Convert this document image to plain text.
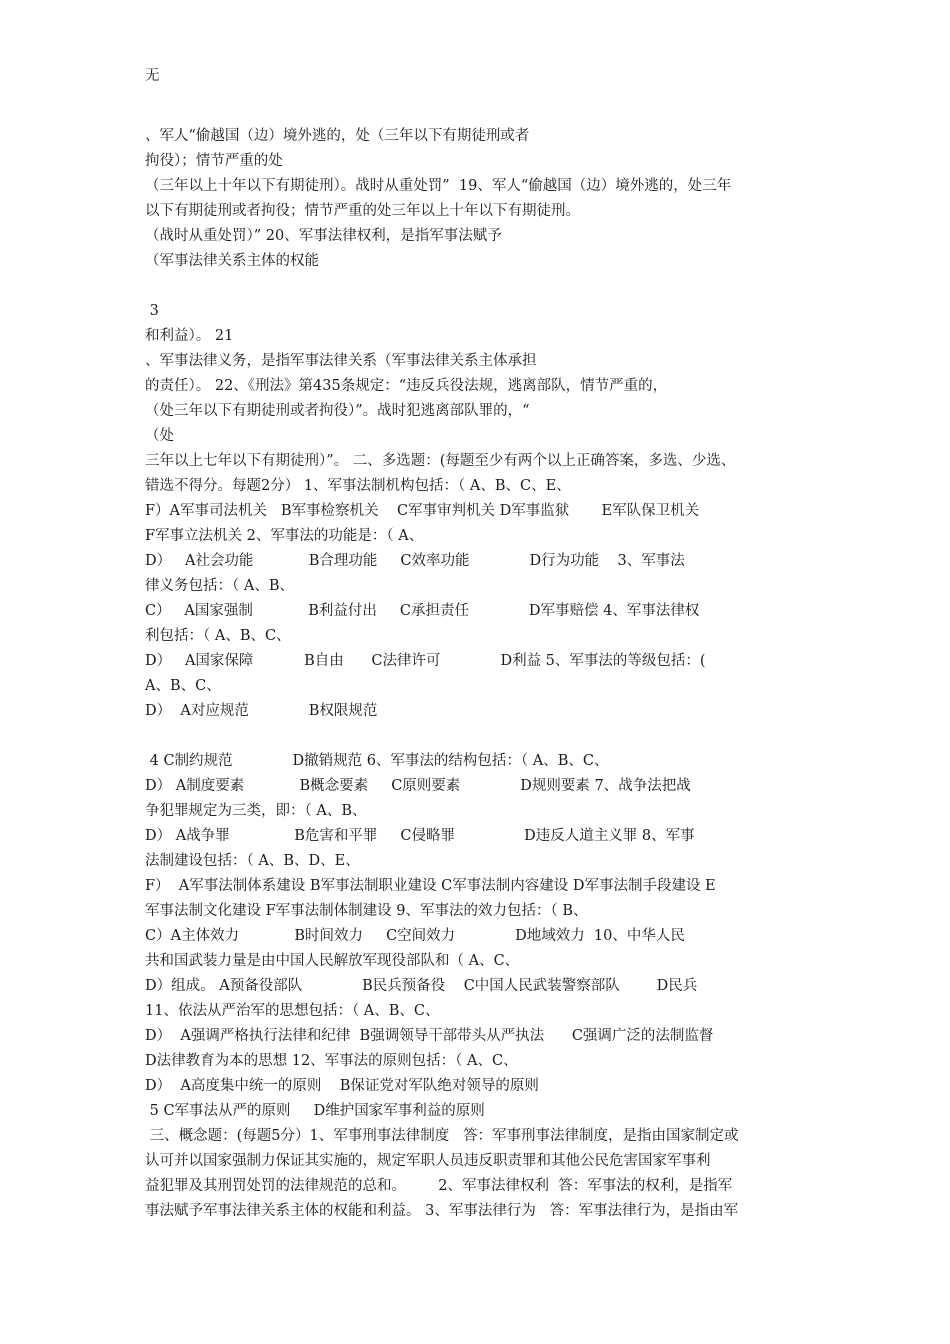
无

、军人“偷越国（边）境外逃的，处（三年以下有期徒刑或者

拘役）；情节严重的处

（三年以上十年以下有期徒刑）。战时从重处罚”  19、军人“偷越国（边）境外逃的，处三年

以下有期徒刑或者拘役；情节严重的处三年以上十年以下有期徒刑。

（战时从重处罚）” 20、军事法律权利，是指军事法赋予

（军事法律关系主体的权能

3

和利益）。 21

、军事法律义务，是指军事法律关系（军事法律关系主体承担

的责任）。 22、《刑法》第435条规定：“违反兵役法规，逃离部队，情节严重的，

（处三年以下有期徒刑或者拘役）”。战时犯逃离部队罪的，“

（处

三年以上七年以下有期徒刑）”。 二、多选题：(每题至少有两个以上正确答案，多选、少选、

错选不得分。每题2分） 1、军事法制机构包括：（ A、B、C、E、

F）A军事司法机关   B军事检察机关    C军事审判机关 D军事监狱       E军队保卫机关

F军事立法机关 2、军事法的功能是：（ A、

D）   A社会功能            B合理功能     C效率功能             D行为功能    3、军事法

律义务包括：（ A、B、

C）   A国家强制            B利益付出     C承担责任             D军事赔偿 4、军事法律权

利包括：（ A、B、C、

D）   A国家保障           B自由      C法律许可             D利益 5、军事法的等级包括：(

A、B、C、

D）  A对应规范             B权限规范

4 C制约规范             D撤销规范 6、军事法的结构包括：（ A、B、C、

D） A制度要素            B概念要素     C原则要素             D规则要素 7、战争法把战

争犯罪规定为三类，即：（ A、B、

D） A战争罪              B危害和平罪     C侵略罪               D违反人道主义罪 8、军事

法制建设包括：（ A、B、D、E、

F）  A军事法制体系建设 B军事法制职业建设 C军事法制内容建设 D军事法制手段建设 E

军事法制文化建设 F军事法制体制建设 9、军事法的效力包括：（ B、

C）A主体效力            B时间效力     C空间效力             D地域效力  10、中华人民

共和国武装力量是由中国人民解放军现役部队和（ A、C、

D）组成。 A预备役部队             B民兵预备役    C中国人民武装警察部队        D民兵

11、依法从严治军的思想包括：（ A、B、C、

D）  A强调严格执行法律和纪律  B强调领导干部带头从严执法      C强调广泛的法制监督

D法律教育为本的思想 12、军事法的原则包括：（ A、C、

D）  A高度集中统一的原则    B保证党对军队绝对领导的原则

5 C军事法从严的原则     D维护国家军事利益的原则

三、概念题：(每题5分）1、军事刑事法律制度   答：军事刑事法律制度，是指由国家制定或

认可并以国家强制力保证其实施的，规定军职人员违反职责罪和其他公民危害国家军事利

益犯罪及其刑罚处罚的法律规范的总和。       2、军事法律权利  答：军事法的权利，是指军

事法赋予军事法律关系主体的权能和利益。 3、军事法律行为   答：军事法律行为，是指由军
